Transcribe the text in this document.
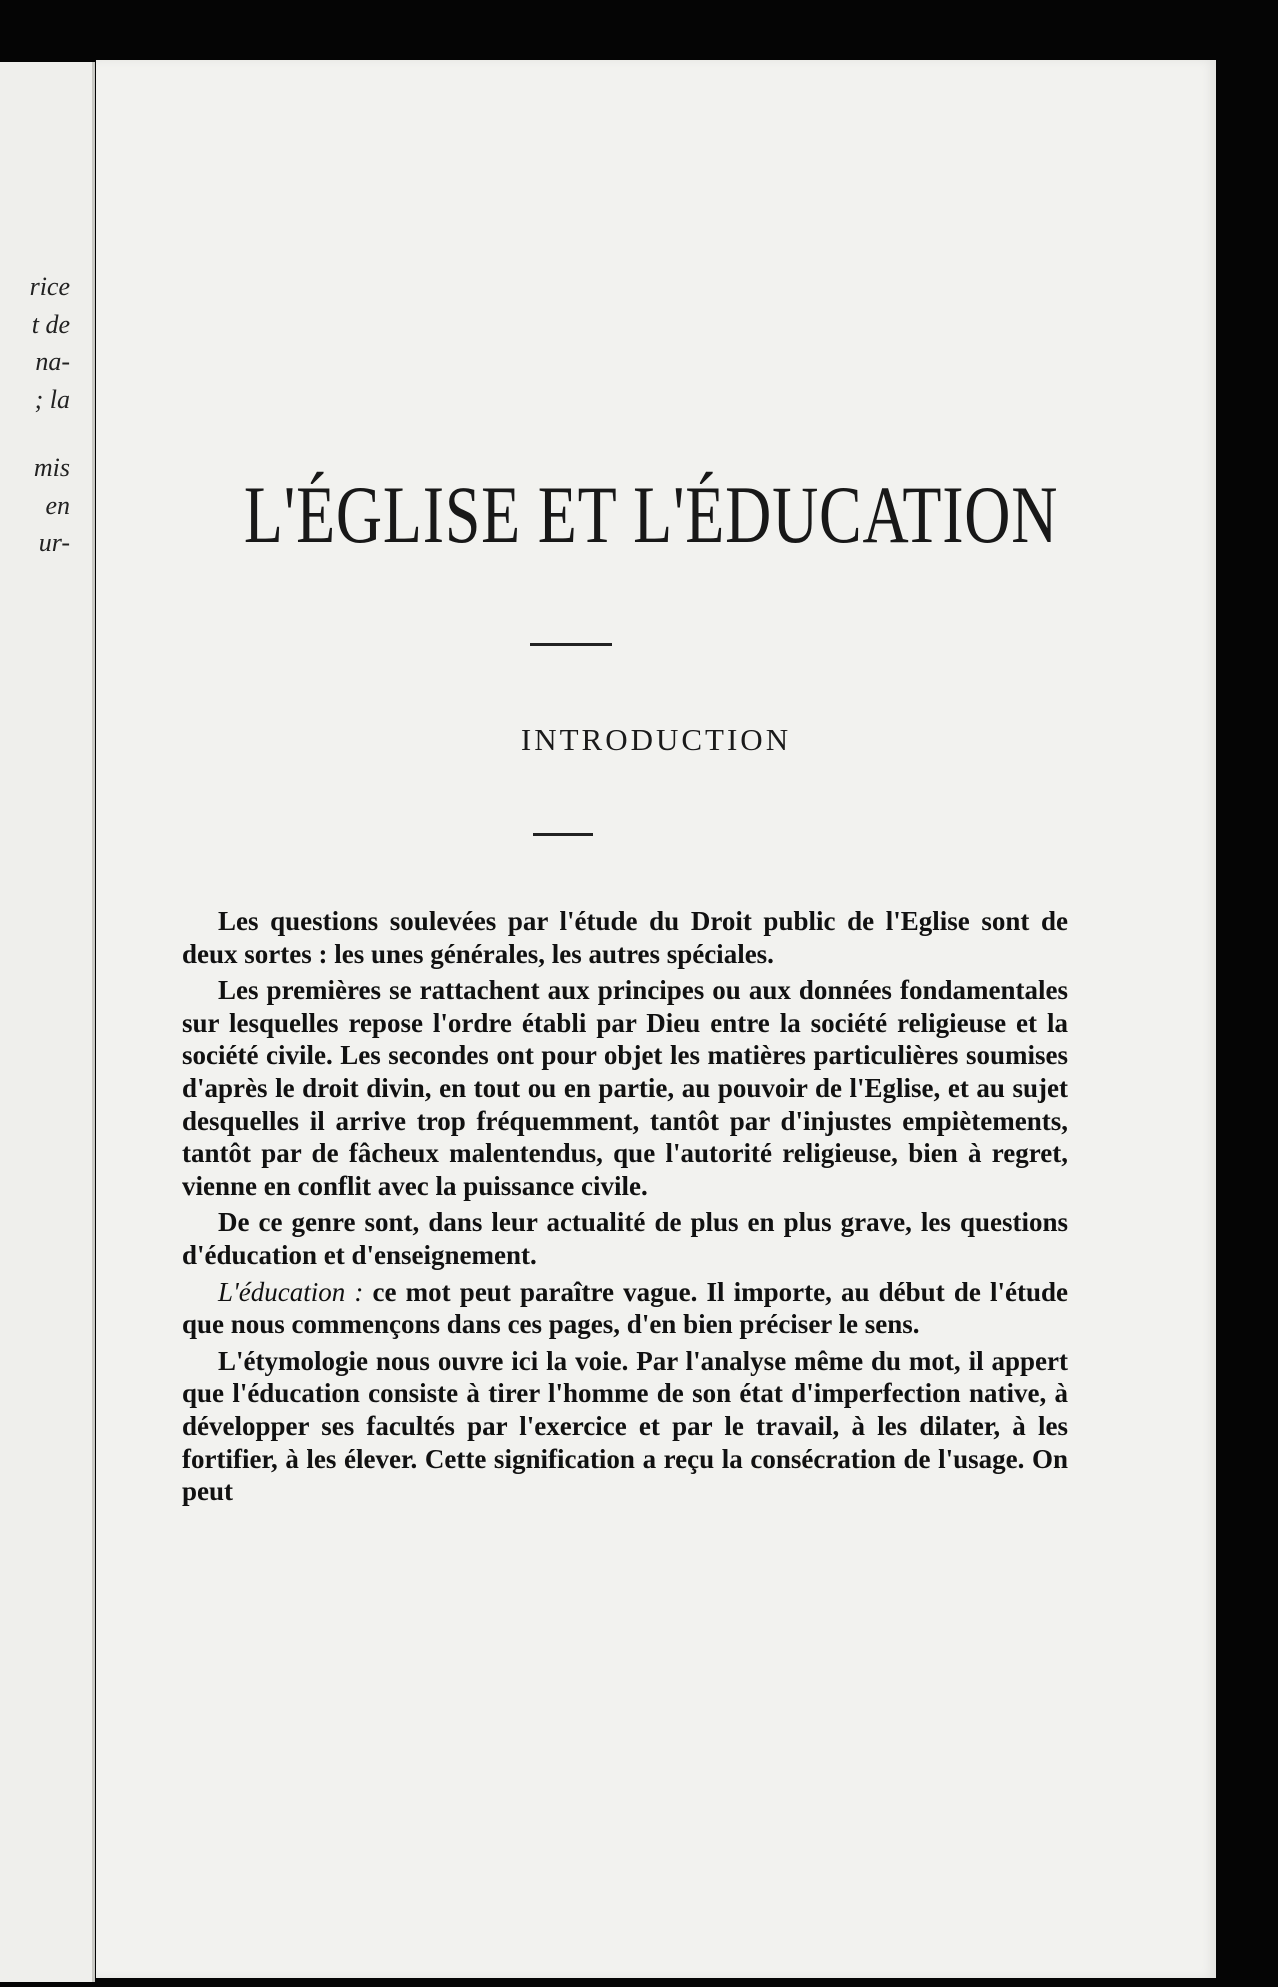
rice
t de
na-
; la
mis
en
ur-	L'ÉGLISE ET L'ÉDUCATION
INTRODUCTION

Les questions soulevées par l'étude du Droit public de l'Eglise sont de deux sortes : les unes générales, les autres spéciales.

Les premières se rattachent aux principes ou aux données fondamentales sur lesquelles repose l'ordre établi par Dieu entre la société religieuse et la société civile. Les secondes ont pour objet les matières particulières soumises d'après le droit divin, en tout ou en partie, au pouvoir de l'Eglise, et au sujet desquelles il arrive trop fréquemment, tantôt par d'injustes empiètements, tantôt par de fâcheux malentendus, que l'autorité religieuse, bien à regret, vienne en conflit avec la puissance civile.

De ce genre sont, dans leur actualité de plus en plus grave, les questions d'éducation et d'enseignement.

L'éducation : ce mot peut paraître vague. Il importe, au début de l'étude que nous commençons dans ces pages, d'en bien préciser le sens.

L'étymologie nous ouvre ici la voie. Par l'analyse même du mot, il appert que l'éducation consiste à tirer l'homme de son état d'imperfection native, à développer ses facultés par l'exercice et par le travail, à les dilater, à les fortifier, à les élever. Cette signification a reçu la consécration de l'usage. On peut
